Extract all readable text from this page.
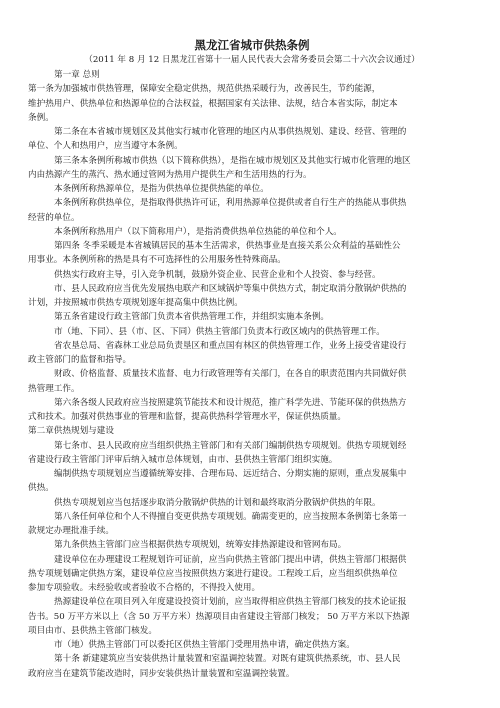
黑龙江省城市供热条例
（2011 年 8 月 12 日黑龙江省第十一届人民代表大会常务委员会第二十六次会议通过）

第一章 总则

第一条为加强城市供热管理，保障安全稳定供热，规范供热采暖行为，改善民生，节约能源，

维护热用户、供热单位和热源单位的合法权益，根据国家有关法律、法规，结合本省实际，制定本

条例。

第二条在本省城市规划区及其他实行城市化管理的地区内从事供热规划、建设、经营、管理的

单位、个人和热用户，应当遵守本条例。

第三条本条例所称城市供热（以下简称供热），是指在城市规划区及其他实行城市化管理的地区

内由热源产生的蒸汽、热水通过管网为热用户提供生产和生活用热的行为。

本条例所称热源单位，是指为供热单位提供热能的单位。

本条例所称供热单位，是指取得供热许可证，利用热源单位提供或者自行生产的热能从事供热

经营的单位。

本条例所称热用户（以下简称用户），是指消费供热单位热能的单位和个人。

第四条 冬季采暖是本省城镇居民的基本生活需求，供热事业是直接关系公众利益的基础性公

用事业。本条例所称的热是具有不可选择性的公用服务性特殊商品。

供热实行政府主导，引入竞争机制，鼓励外资企业、民营企业和个人投资、参与经营。

市、县人民政府应当优先发展热电联产和区域锅炉等集中供热方式，制定取消分散锅炉供热的

计划，并按照城市供热专项规划逐年提高集中供热比例。

第五条省建设行政主管部门负责本省供热管理工作，并组织实施本条例。

市（地、下同）、县（市、区、下同）供热主管部门负责本行政区域内的供热管理工作。

省农垦总局、省森林工业总局负责垦区和重点国有林区的供热管理工作，业务上接受省建设行

政主管部门的监督和指导。

财政、价格监督、质量技术监督、电力行政管理等有关部门，在各自的职责范围内共同做好供

热管理工作。

第六条各级人民政府应当按照建筑节能技术和设计规范，推广科学先进、节能环保的供热热方

式和技术。加强对供热事业的管理和监督，提高供热科学管理水平，保证供热质量。

第二章供热规划与建设

第七条市、县人民政府应当组织供热主管部门和有关部门编制供热专项规划。供热专项规划经

省建设行政主管部门评审后纳入城市总体规划，由市、县供热主管部门组织实施。

编制供热专项规划应当遵循统筹安排、合理布局、远近结合、分期实施的原则，重点发展集中

供热。

供热专项规划应当包括逐步取消分散锅炉供热的计划和最终取消分散锅炉供热的年限。

第八条任何单位和个人不得擅自变更供热专项规划。确需变更的，应当按照本条例第七条第一

款规定办理批准手续。

第九条供热主管部门应当根据供热专项规划，统筹安排热源建设和管网布局。

建设单位在办理建设工程规划许可证前，应当向供热主管部门提出申请，供热主管部门根据供

热专项规划确定供热方案，建设单位应当按照供热方案进行建设。工程竣工后，应当组织供热单位

参加专项验收。未经验收或者验收不合格的，不得投入使用。

热源建设单位在项目列入年度建设投资计划前，应当取得相应供热主管部门核发的技术论证报

告书。50 万平方米以上（含 50 万平方米）热源项目由省建设主管部门核发； 50 万平方米以下热源

项目由市、县供热主管部门核发。

市（地）供热主管部门可以委托区供热主管部门受理用热申请，确定供热方案。

第十条 新建建筑应当安装供热计量装置和室温调控装置。对既有建筑供热系统，市、县人民

政府应当在建筑节能改造时，同步安装供热计量装置和室温调控装置。
